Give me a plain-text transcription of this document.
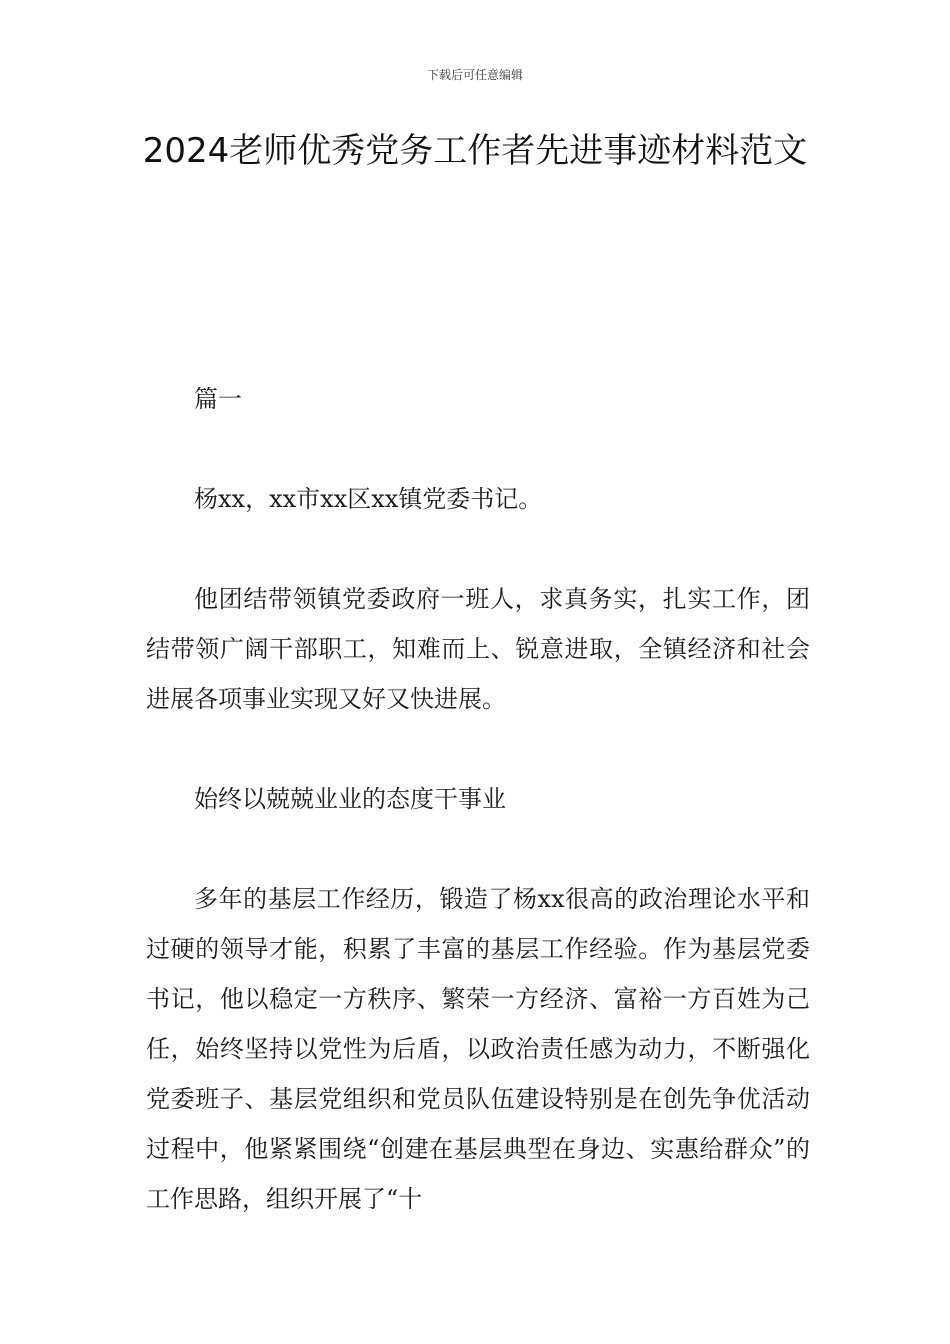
下载后可任意编辑
2024老师优秀党务工作者先进事迹材料范文

篇一

杨xx，xx市xx区xx镇党委书记。

他团结带领镇党委政府一班人，求真务实，扎实工作，团结带领广阔干部职工，知难而上、锐意进取，全镇经济和社会进展各项事业实现又好又快进展。

始终以兢兢业业的态度干事业

多年的基层工作经历，锻造了杨xx很高的政治理论水平和过硬的领导才能，积累了丰富的基层工作经验。作为基层党委书记，他以稳定一方秩序、繁荣一方经济、富裕一方百姓为己任，始终坚持以党性为后盾，以政治责任感为动力，不断强化党委班子、基层党组织和党员队伍建设特别是在创先争优活动过程中，他紧紧围绕“创建在基层典型在身边、实惠给群众”的工作思路，组织开展了“十
